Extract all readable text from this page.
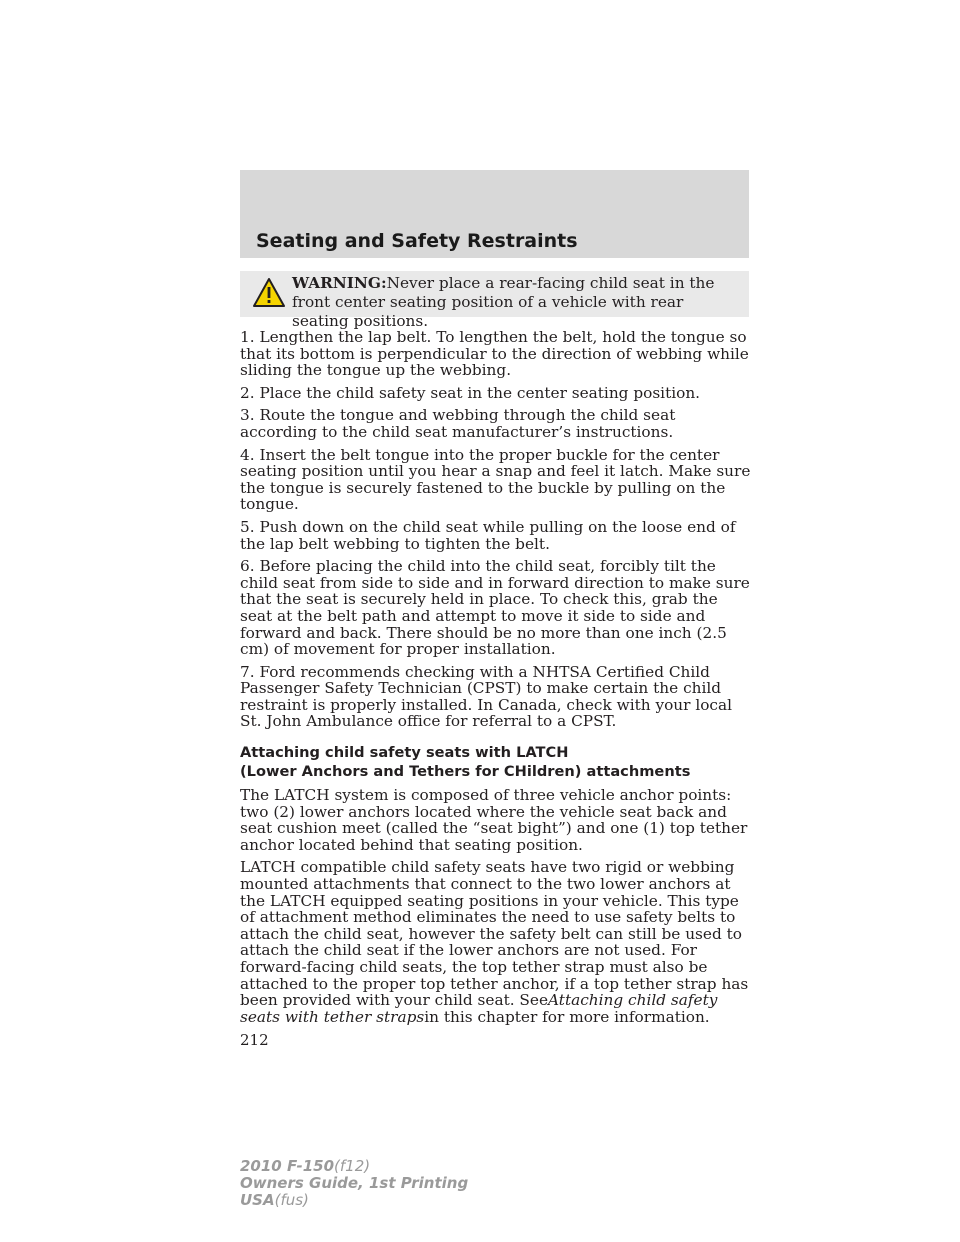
Seating and Safety Restraints
WARNING:Never place a rear-facing child seat in the front center seating position of a vehicle with rear seating positions.

1. Lengthen the lap belt. To lengthen the belt, hold the tongue so that its bottom is perpendicular to the direction of webbing while sliding the tongue up the webbing.

2. Place the child safety seat in the center seating position.

3. Route the tongue and webbing through the child seat according to the child seat manufacturer’s instructions.

4. Insert the belt tongue into the proper buckle for the center seating position until you hear a snap and feel it latch. Make sure the tongue is securely fastened to the buckle by pulling on the tongue.

5. Push down on the child seat while pulling on the loose end of the lap belt webbing to tighten the belt.

6. Before placing the child into the child seat, forcibly tilt the child seat from side to side and in forward direction to make sure that the seat is securely held in place. To check this, grab the seat at the belt path and attempt to move it side to side and forward and back. There should be no more than one inch (2.5 cm) of movement for proper installation.

7. Ford recommends checking with a NHTSA Certified Child Passenger Safety Technician (CPST) to make certain the child restraint is properly installed. In Canada, check with your local St. John Ambulance office for referral to a CPST.

Attaching child safety seats with LATCH
(Lower Anchors and Tethers for CHildren) attachments

The LATCH system is composed of three vehicle anchor points: two (2) lower anchors located where the vehicle seat back and seat cushion meet (called the “seat bight”) and one (1) top tether anchor located behind that seating position.

LATCH compatible child safety seats have two rigid or webbing mounted attachments that connect to the two lower anchors at the LATCH equipped seating positions in your vehicle. This type of attachment method eliminates the need to use safety belts to attach the child seat, however the safety belt can still be used to attach the child seat if the lower anchors are not used. For forward-facing child seats, the top tether strap must also be attached to the proper top tether anchor, if a top tether strap has been provided with your child seat. SeeAttaching child safety seats with tether strapsin this chapter for more information.

212
2010 F-150(f12)
Owners Guide, 1st Printing
USA(fus)
